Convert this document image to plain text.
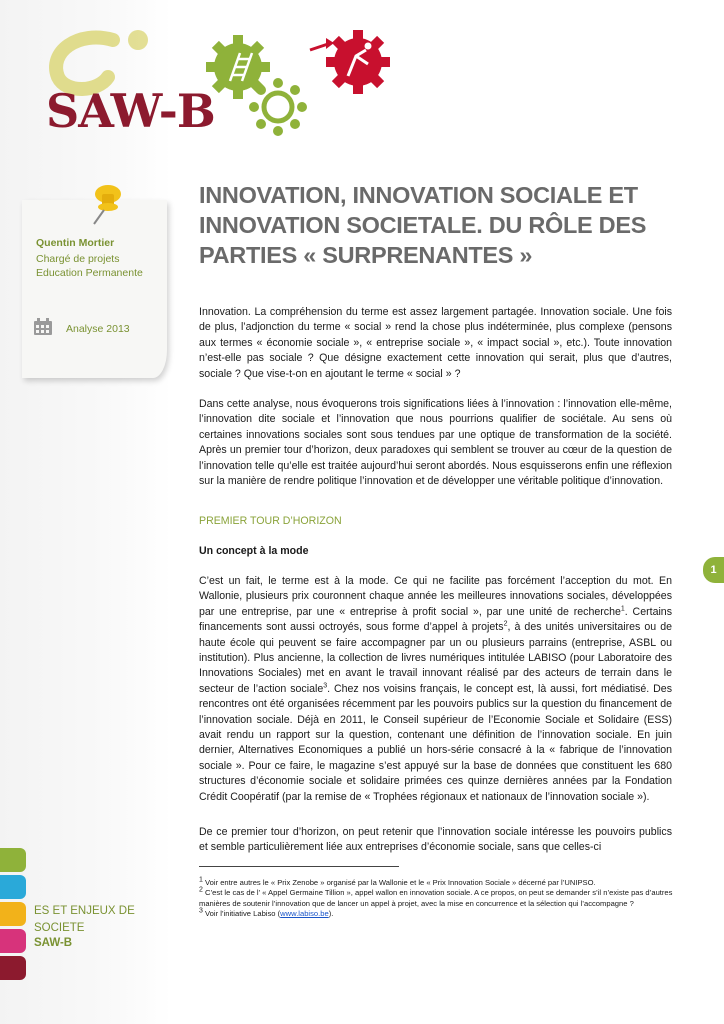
SAW-B
Quentin Mortier
Chargé de projets
Education Permanente
Analyse 2013
INNOVATION, INNOVATION SOCIALE ET INNOVATION SOCIETALE. DU RÔLE DES PARTIES « SURPRENANTES »

Innovation. La compréhension du terme est assez largement partagée. Innovation sociale. Une fois de plus, l’adjonction du terme « social » rend la chose plus indéterminée, plus complexe (pensons aux termes « économie sociale », « entreprise sociale », « impact social », etc.). Toute innovation n’est-elle pas sociale ? Que désigne exactement cette innovation qui serait, plus que d’autres, sociale ? Que vise-t-on en ajoutant le terme « social » ?

Dans cette analyse, nous évoquerons trois significations liées à l’innovation : l’innovation elle-même, l’innovation dite sociale et l’innovation que nous pourrions qualifier de sociétale. Au sens où certaines innovations sociales sont sous tendues par une optique de transformation de la société. Après un premier tour d’horizon, deux paradoxes qui semblent se trouver au cœur de la question de l’innovation telle qu’elle est traitée aujourd’hui seront abordés. Nous esquisserons enfin une réflexion sur la manière de rendre politique l’innovation et de développer une véritable politique d’innovation.

PREMIER TOUR D’HORIZON
Un concept à la mode

C’est un fait, le terme est à la mode. Ce qui ne facilite pas forcément l’acception du mot. En Wallonie, plusieurs prix couronnent chaque année les meilleures innovations sociales, développées par une entreprise, par une « entreprise à profit social », par une unité de recherche$^1$. Certains financements sont aussi octroyés, sous forme d’appel à projets$^2$, à des unités universitaires ou de haute école qui peuvent se faire accompagner par un ou plusieurs parrains (entreprise, ASBL ou institution). Plus ancienne, la collection de livres numériques intitulée LABISO (pour Laboratoire des Innovations Sociales) met en avant le travail innovant réalisé par des acteurs de terrain dans le secteur de l’action sociale$^3$. Chez nos voisins français, le concept est, là aussi, fort médiatisé. Des rencontres ont été organisées récemment par les pouvoirs publics sur la question du financement de l’innovation sociale. Déjà en 2011, le Conseil supérieur de l’Economie Sociale et Solidaire (ESS) avait rendu un rapport sur la question, contenant une définition de l’innovation sociale. En juin dernier, Alternatives Economiques a publié un hors-série consacré à la « fabrique de l’innovation sociale ». Pour ce faire, le magazine s’est appuyé sur la base de données que constituent les 680 structures d’économie sociale et solidaire primées ces quinze dernières années par la Fondation Crédit Coopératif (par la remise de « Trophées régionaux et nationaux de l’innovation sociale »).

De ce premier tour d’horizon, on peut retenir que l’innovation sociale intéresse les pouvoirs publics et semble particulièrement liée aux entreprises d’économie sociale, sans que celles-ci

$^1$ Voir entre autres le « Prix Zenobe » organisé par la Wallonie et le « Prix Innovation Sociale » décerné par l’UNIPSO.
$^2$ C’est le cas de l’ « Appel Germaine Tillion », appel wallon en innovation sociale. A ce propos, on peut se demander s’il n’existe pas d’autres manières de soutenir l’innovation que de lancer un appel à projet, avec la mise en concurrence et la sélection qui l’accompagne ?
$^3$ Voir l’initiative Labiso (www.labiso.be).
1
ES ET ENJEUX DE
SOCIETE
SAW-B
